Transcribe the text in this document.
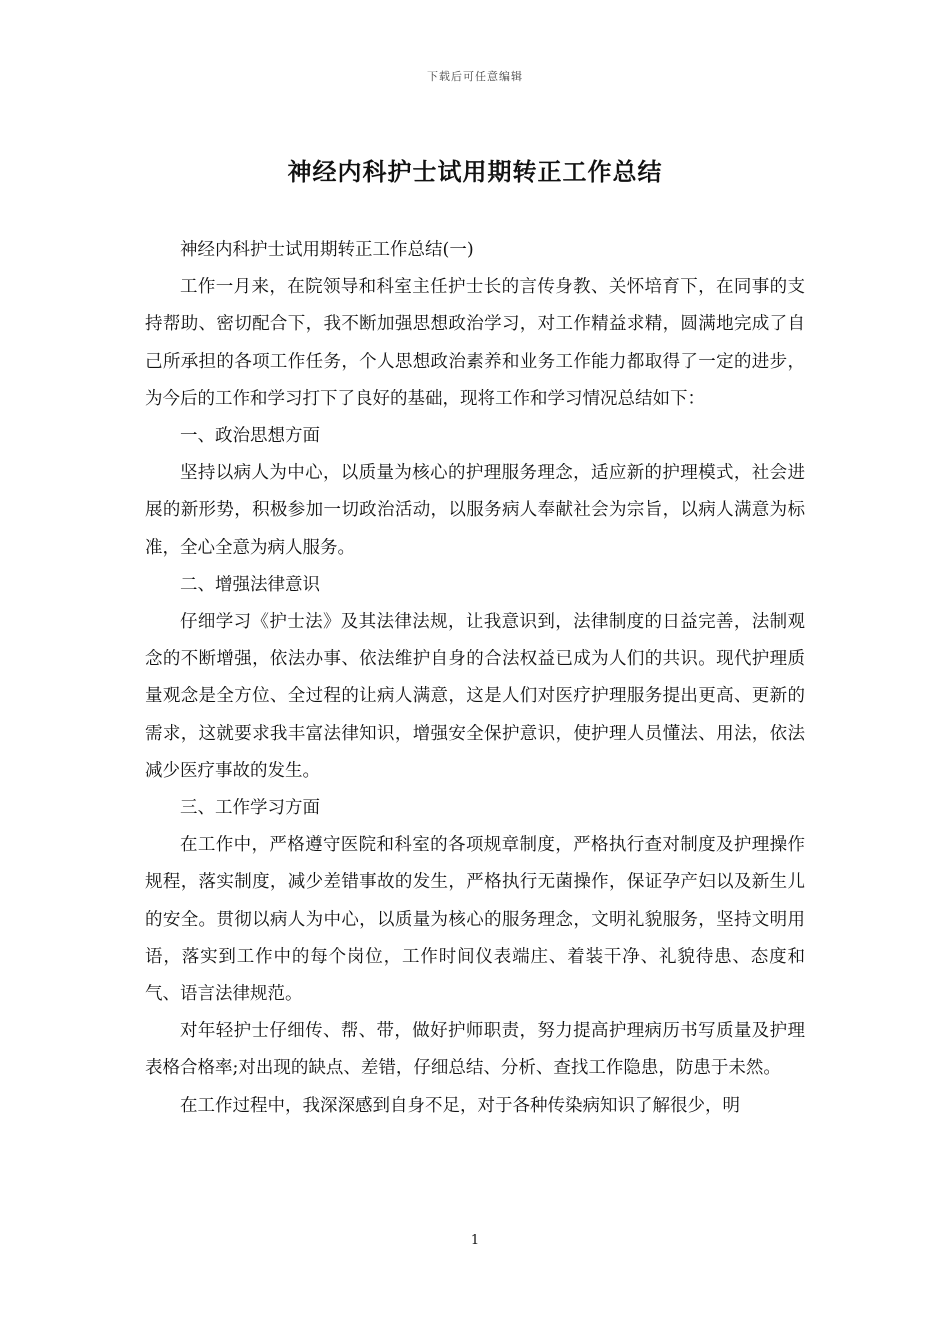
下载后可任意编辑
神经内科护士试用期转正工作总结

神经内科护士试用期转正工作总结(一)

工作一月来，在院领导和科室主任护士长的言传身教、关怀培育下，在同事的支持帮助、密切配合下，我不断加强思想政治学习，对工作精益求精，圆满地完成了自己所承担的各项工作任务，个人思想政治素养和业务工作能力都取得了一定的进步，为今后的工作和学习打下了良好的基础，现将工作和学习情况总结如下：

一、政治思想方面

坚持以病人为中心，以质量为核心的护理服务理念，适应新的护理模式，社会进展的新形势，积极参加一切政治活动，以服务病人奉献社会为宗旨，以病人满意为标准，全心全意为病人服务。

二、增强法律意识

仔细学习《护士法》及其法律法规，让我意识到，法律制度的日益完善，法制观念的不断增强，依法办事、依法维护自身的合法权益已成为人们的共识。现代护理质量观念是全方位、全过程的让病人满意，这是人们对医疗护理服务提出更高、更新的需求，这就要求我丰富法律知识，增强安全保护意识，使护理人员懂法、用法，依法减少医疗事故的发生。

三、工作学习方面

在工作中，严格遵守医院和科室的各项规章制度，严格执行查对制度及护理操作规程，落实制度，减少差错事故的发生，严格执行无菌操作，保证孕产妇以及新生儿的安全。贯彻以病人为中心，以质量为核心的服务理念，文明礼貌服务，坚持文明用语，落实到工作中的每个岗位，工作时间仪表端庄、着装干净、礼貌待患、态度和气、语言法律规范。

对年轻护士仔细传、帮、带，做好护师职责，努力提高护理病历书写质量及护理表格合格率;对出现的缺点、差错，仔细总结、分析、查找工作隐患，防患于未然。

在工作过程中，我深深感到自身不足，对于各种传染病知识了解很少，明

1
